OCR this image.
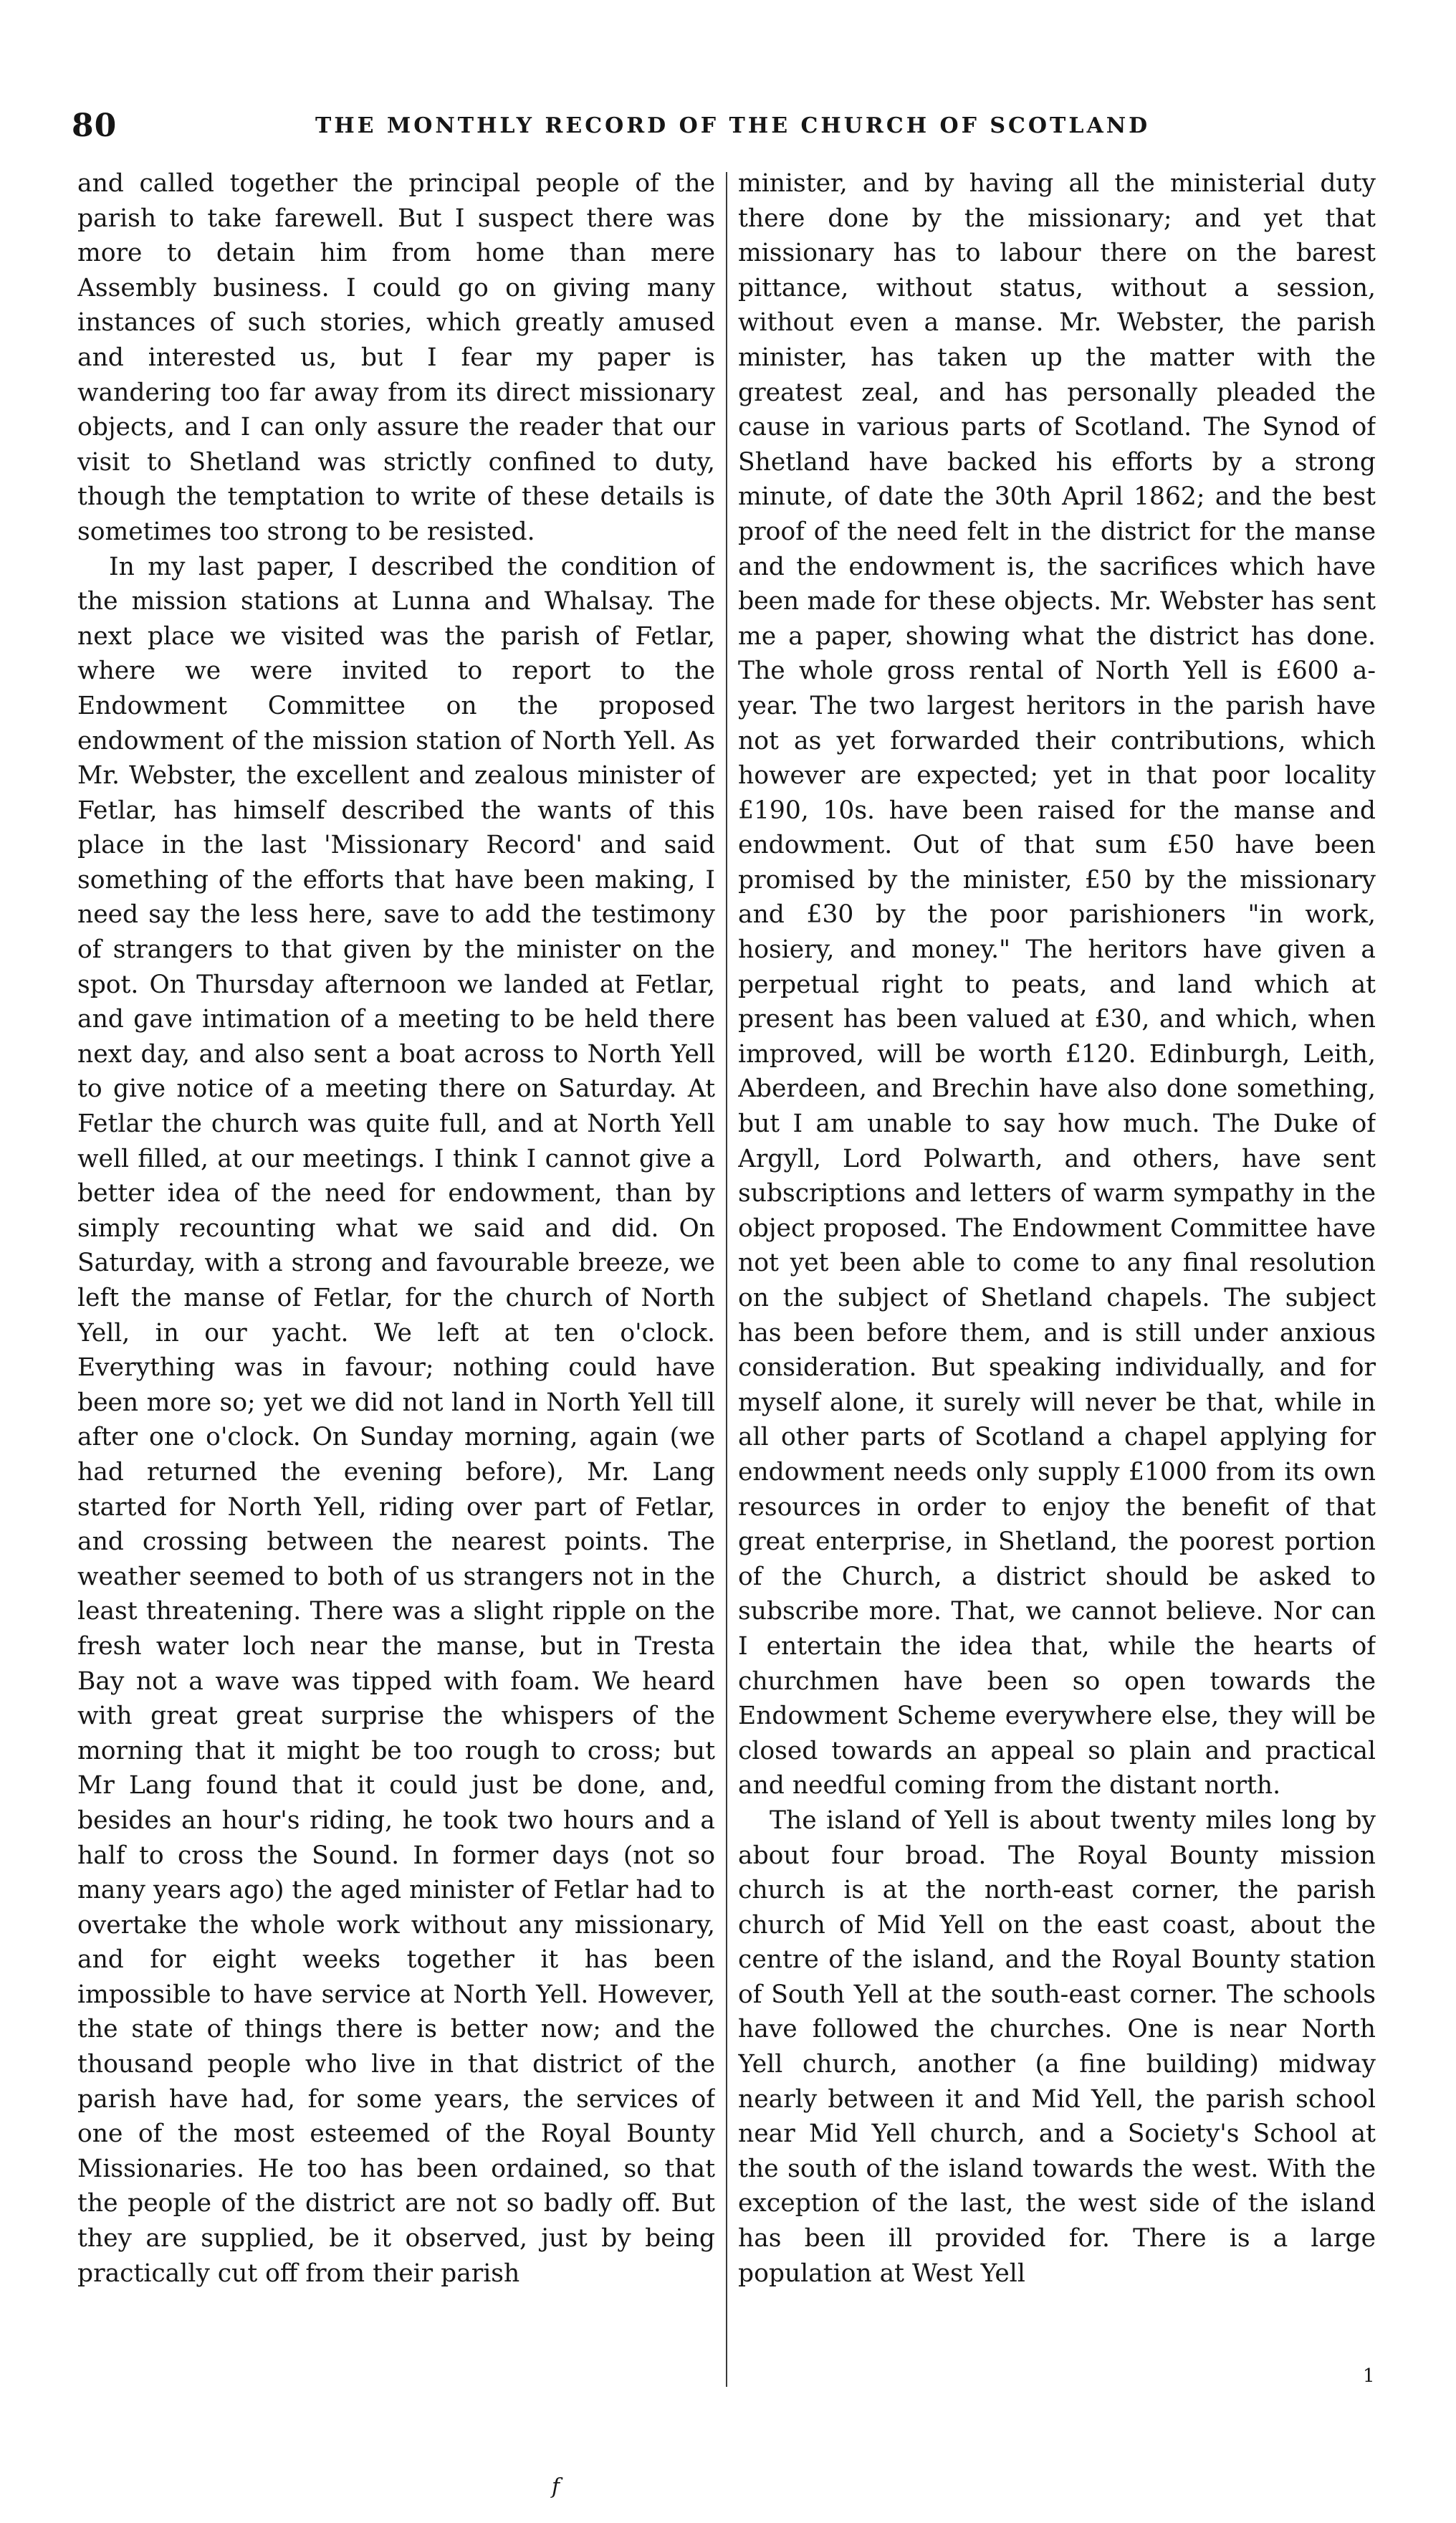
80	THE MONTHLY RECORD OF THE CHURCH OF SCOTLAND

and called together the principal people of the parish to take farewell. But I suspect there was more to detain him from home than mere Assembly business. I could go on giving many instances of such stories, which greatly amused and interested us, but I fear my paper is wandering too far away from its direct missionary objects, and I can only assure the reader that our visit to Shetland was strictly confined to duty, though the temptation to write of these details is sometimes too strong to be resisted.

In my last paper, I described the condition of the mission stations at Lunna and Whalsay. The next place we visited was the parish of Fetlar, where we were invited to report to the Endowment Committee on the proposed endowment of the mission station of North Yell. As Mr. Webster, the excellent and zealous minister of Fetlar, has himself described the wants of this place in the last 'Missionary Record' and said something of the efforts that have been making, I need say the less here, save to add the testimony of strangers to that given by the minister on the spot. On Thursday afternoon we landed at Fetlar, and gave intimation of a meeting to be held there next day, and also sent a boat across to North Yell to give notice of a meeting there on Saturday. At Fetlar the church was quite full, and at North Yell well filled, at our meetings. I think I cannot give a better idea of the need for endowment, than by simply recounting what we said and did. On Saturday, with a strong and favourable breeze, we left the manse of Fetlar, for the church of North Yell, in our yacht. We left at ten o'clock. Everything was in favour; nothing could have been more so; yet we did not land in North Yell till after one o'clock. On Sunday morning, again (we had returned the evening before), Mr. Lang started for North Yell, riding over part of Fetlar, and crossing between the nearest points. The weather seemed to both of us strangers not in the least threatening. There was a slight ripple on the fresh water loch near the manse, but in Tresta Bay not a wave was tipped with foam. We heard with great great surprise the whispers of the morning that it might be too rough to cross; but Mr Lang found that it could just be done, and, besides an hour's riding, he took two hours and a half to cross the Sound. In former days (not so many years ago) the aged minister of Fetlar had to overtake the whole work without any missionary, and for eight weeks together it has been impossible to have service at North Yell. However, the state of things there is better now; and the thousand people who live in that district of the parish have had, for some years, the services of one of the most esteemed of the Royal Bounty Missionaries. He too has been ordained, so that the people of the district are not so badly off. But they are supplied, be it observed, just by being practically cut off from their parish

minister, and by having all the ministerial duty there done by the missionary; and yet that missionary has to labour there on the barest pittance, without status, without a session, without even a manse. Mr. Webster, the parish minister, has taken up the matter with the greatest zeal, and has personally pleaded the cause in various parts of Scotland. The Synod of Shetland have backed his efforts by a strong minute, of date the 30th April 1862; and the best proof of the need felt in the district for the manse and the endowment is, the sacrifices which have been made for these objects. Mr. Webster has sent me a paper, showing what the district has done. The whole gross rental of North Yell is £600 a-year. The two largest heritors in the parish have not as yet forwarded their contributions, which however are expected; yet in that poor locality £190, 10s. have been raised for the manse and endowment. Out of that sum £50 have been promised by the minister, £50 by the missionary and £30 by the poor parishioners "in work, hosiery, and money." The heritors have given a perpetual right to peats, and land which at present has been valued at £30, and which, when improved, will be worth £120. Edinburgh, Leith, Aberdeen, and Brechin have also done something, but I am unable to say how much. The Duke of Argyll, Lord Polwarth, and others, have sent subscriptions and letters of warm sympathy in the object proposed. The Endowment Committee have not yet been able to come to any final resolution on the subject of Shetland chapels. The subject has been before them, and is still under anxious consideration. But speaking individually, and for myself alone, it surely will never be that, while in all other parts of Scotland a chapel applying for endowment needs only supply £1000 from its own resources in order to enjoy the benefit of that great enterprise, in Shetland, the poorest portion of the Church, a district should be asked to subscribe more. That, we cannot believe. Nor can I entertain the idea that, while the hearts of churchmen have been so open towards the Endowment Scheme everywhere else, they will be closed towards an appeal so plain and practical and needful coming from the distant north.

The island of Yell is about twenty miles long by about four broad. The Royal Bounty mission church is at the north-east corner, the parish church of Mid Yell on the east coast, about the centre of the island, and the Royal Bounty station of South Yell at the south-east corner. The schools have followed the churches. One is near North Yell church, another (a fine building) midway nearly between it and Mid Yell, the parish school near Mid Yell church, and a Society's School at the south of the island towards the west. With the exception of the last, the west side of the island has been ill provided for. There is a large population at West Yell

1
f
